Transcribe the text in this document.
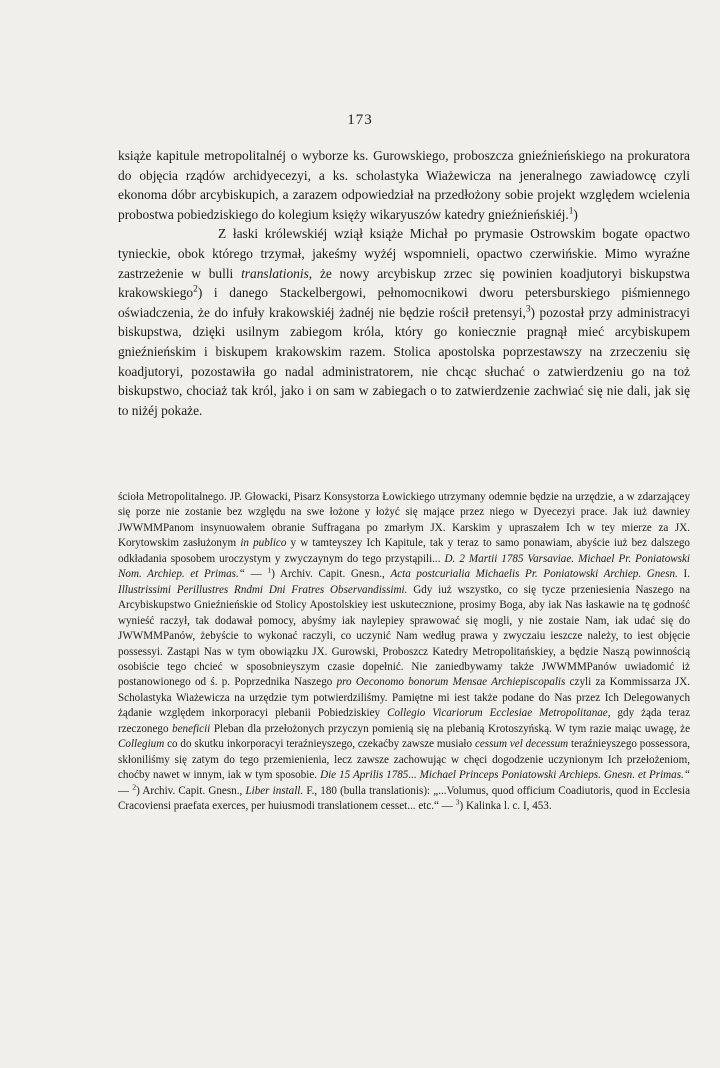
173

książe kapitule metropolitalnéj o wyborze ks. Gurowskiego, proboszcza gnieźnieńskiego na prokuratora do objęcia rządów archidyecezyi, a ks. scholastyka Wiażewicza na jeneralnego zawiadowcę czyli ekonoma dóbr arcybiskupich, a zarazem odpowiedział na przedłożony sobie projekt względem wcielenia probostwa pobiedziskiego do kolegium księży wikaryuszów katedry gnieźnieńskiéj.$^1$)

Z łaski królewskiéj wziął książe Michał po prymasie Ostrowskim bogate opactwo tynieckie, obok którego trzymał, jakeśmy wyżéj wspomnieli, opactwo czerwińskie. Mimo wyraźne zastrzeżenie w bulli translationis, że nowy arcybiskup zrzec się powinien koadjutoryi biskupstwa krakowskiego$^2$) i danego Stackelbergowi, pełnomocnikowi dworu petersburskiego piśmiennego oświadczenia, że do infuły krakowskiéj żadnéj nie będzie rościł pretensyi,$^3$) pozostał przy administracyi biskupstwa, dzięki usilnym zabiegom króla, który go koniecznie pragnął mieć arcybiskupem gnieźnieńskim i biskupem krakowskim razem. Stolica apostolska poprzestawszy na zrzeczeniu się koadjutoryi, pozostawiła go nadal administratorem, nie chcąc słuchać o zatwierdzeniu go na toż biskupstwo, chociaż tak król, jako i on sam w zabiegach o to zatwierdzenie zachwiać się nie dali, jak się to niżéj pokaże.

ścioła Metropolitalnego. JP. Głowacki, Pisarz Konsystorza Łowickiego utrzymany odemnie będzie na urzędzie, a w zdarzającey się porze nie zostanie bez względu na swe łożone y łożyć się mające przez niego w Dyecezyi prace. Jak iuż dawniey JWWMMPanom insynuowałem obranie Suffragana po zmarłym JX. Karskim y upraszałem Ich w tey mierze za JX. Korytowskim zasłużonym in publico y w tamteyszey Ich Kapitule, tak y teraz to samo ponawiam, abyście iuż bez dalszego odkładania sposobem uroczystym y zwyczaynym do tego przystąpili... D. 2 Martii 1785 Varsaviae. Michael Pr. Poniatowski Nom. Archiep. et Primas.“ — $^1$) Archiv. Capit. Gnesn., Acta postcurialia Michaelis Pr. Poniatowski Archiep. Gnesn. I. Illustrissimi Perillustres Rndmi Dni Fratres Observandissimi. Gdy iuż wszystko, co się tycze przeniesienia Naszego na Arcybiskupstwo Gnieźnieńskie od Stolicy Apostolskiey iest uskutecznione, prosimy Boga, aby iak Nas łaskawie na tę godność wynieść raczył, tak dodawał pomocy, abyśmy iak naylepiey sprawować się mogli, y nie zostaie Nam, iak udać się do JWWMMPanów, żebyście to wykonać raczyli, co uczynić Nam według prawa y zwyczaiu ieszcze należy, to iest objęcie possessyi. Zastąpi Nas w tym obowiązku JX. Gurowski, Proboszcz Katedry Metropolitańskiey, a będzie Naszą powinnością osobiście tego chcieć w sposobnieyszym czasie dopełnić. Nie zaniedbywamy także JWWMMPanów uwiadomić iż postanowionego od ś. p. Poprzednika Naszego pro Oeconomo bonorum Mensae Archiepiscopalis czyli za Kommissarza JX. Scholastyka Wiażewicza na urzędzie tym potwierdziliśmy. Pamiętne mi iest także podane do Nas przez Ich Delegowanych żądanie względem inkorporacyi plebanii Pobiedziskiey Collegio Vicariorum Ecclesiae Metropolitanae, gdy żąda teraz rzeczonego beneficii Pleban dla przełożonych przyczyn pomienią się na plebanią Krotoszyńską. W tym razie maiąc uwagę, że Collegium co do skutku inkorporacyi teraźnieyszego, czekaćby zawsze musiało cessum vel decessum teraźnieyszego possessora, skłoniliśmy się zatym do tego przemienienia, lecz zawsze zachowując w chęci dogodzenie uczynionym Ich przełożeniom, choćby nawet w innym, iak w tym sposobie. Die 15 Aprilis 1785... Michael Princeps Poniatowski Archieps. Gnesn. et Primas.“ — $^2$) Archiv. Capit. Gnesn., Liber install. F., 180 (bulla translationis): „...Volumus, quod officium Coadiutoris, quod in Ecclesia Cracoviensi praefata exerces, per huiusmodi translationem cesset... etc.“ — $^3$) Kalinka l. c. I, 453.
